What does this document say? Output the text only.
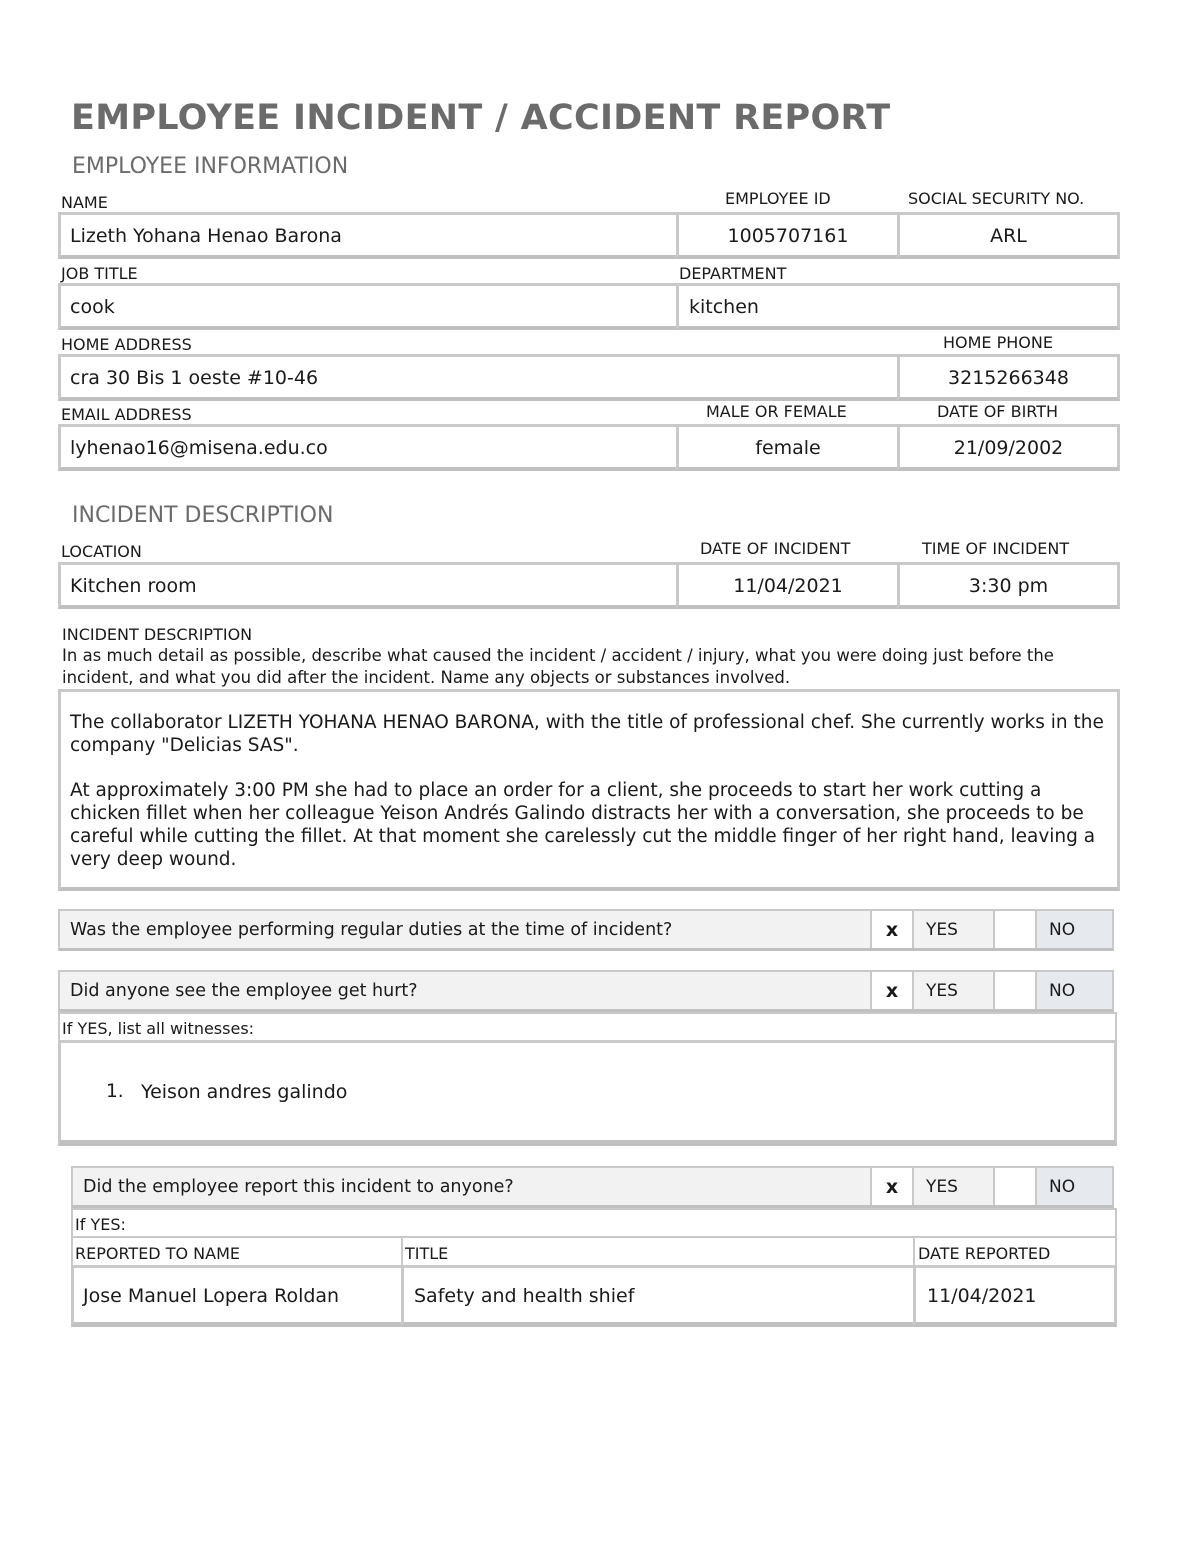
EMPLOYEE INCIDENT / ACCIDENT REPORT
EMPLOYEE INFORMATION
NAME	EMPLOYEE ID	SOCIAL SECURITY NO.
Lizeth Yohana Henao Barona	1005707161	ARL
JOB TITLE	DEPARTMENT
cook	kitchen
HOME ADDRESS	HOME PHONE
cra 30 Bis 1 oeste #10-46	3215266348
EMAIL ADDRESS	MALE OR FEMALE	DATE OF BIRTH
lyhenao16@misena.edu.co	female	21/09/2002
INCIDENT DESCRIPTION
LOCATION	DATE OF INCIDENT	TIME OF INCIDENT
Kitchen room	11/04/2021	3:30 pm
INCIDENT DESCRIPTION
In as much detail as possible, describe what caused the incident / accident / injury, what you were doing just before the incident, and what you did after the incident. Name any objects or substances involved.

The collaborator LIZETH YOHANA HENAO BARONA, with the title of professional chef. She currently works in the company "Delicias SAS".

At approximately 3:00 PM she had to place an order for a client, she proceeds to start her work cutting a chicken fillet when her colleague Yeison Andrés Galindo distracts her with a conversation, she proceeds to be careful while cutting the fillet. At that moment she carelessly cut the middle finger of her right hand, leaving a very deep wound.

Was the employee performing regular duties at the time of incident?	x	YES	NO
Did anyone see the employee get hurt?	x	YES	NO
If YES, list all witnesses:
1. Yeison andres galindo
Did the employee report this incident to anyone?	x	YES	NO
If YES:
REPORTED TO NAME	TITLE	DATE REPORTED
Jose Manuel Lopera Roldan	Safety and health shief	11/04/2021
